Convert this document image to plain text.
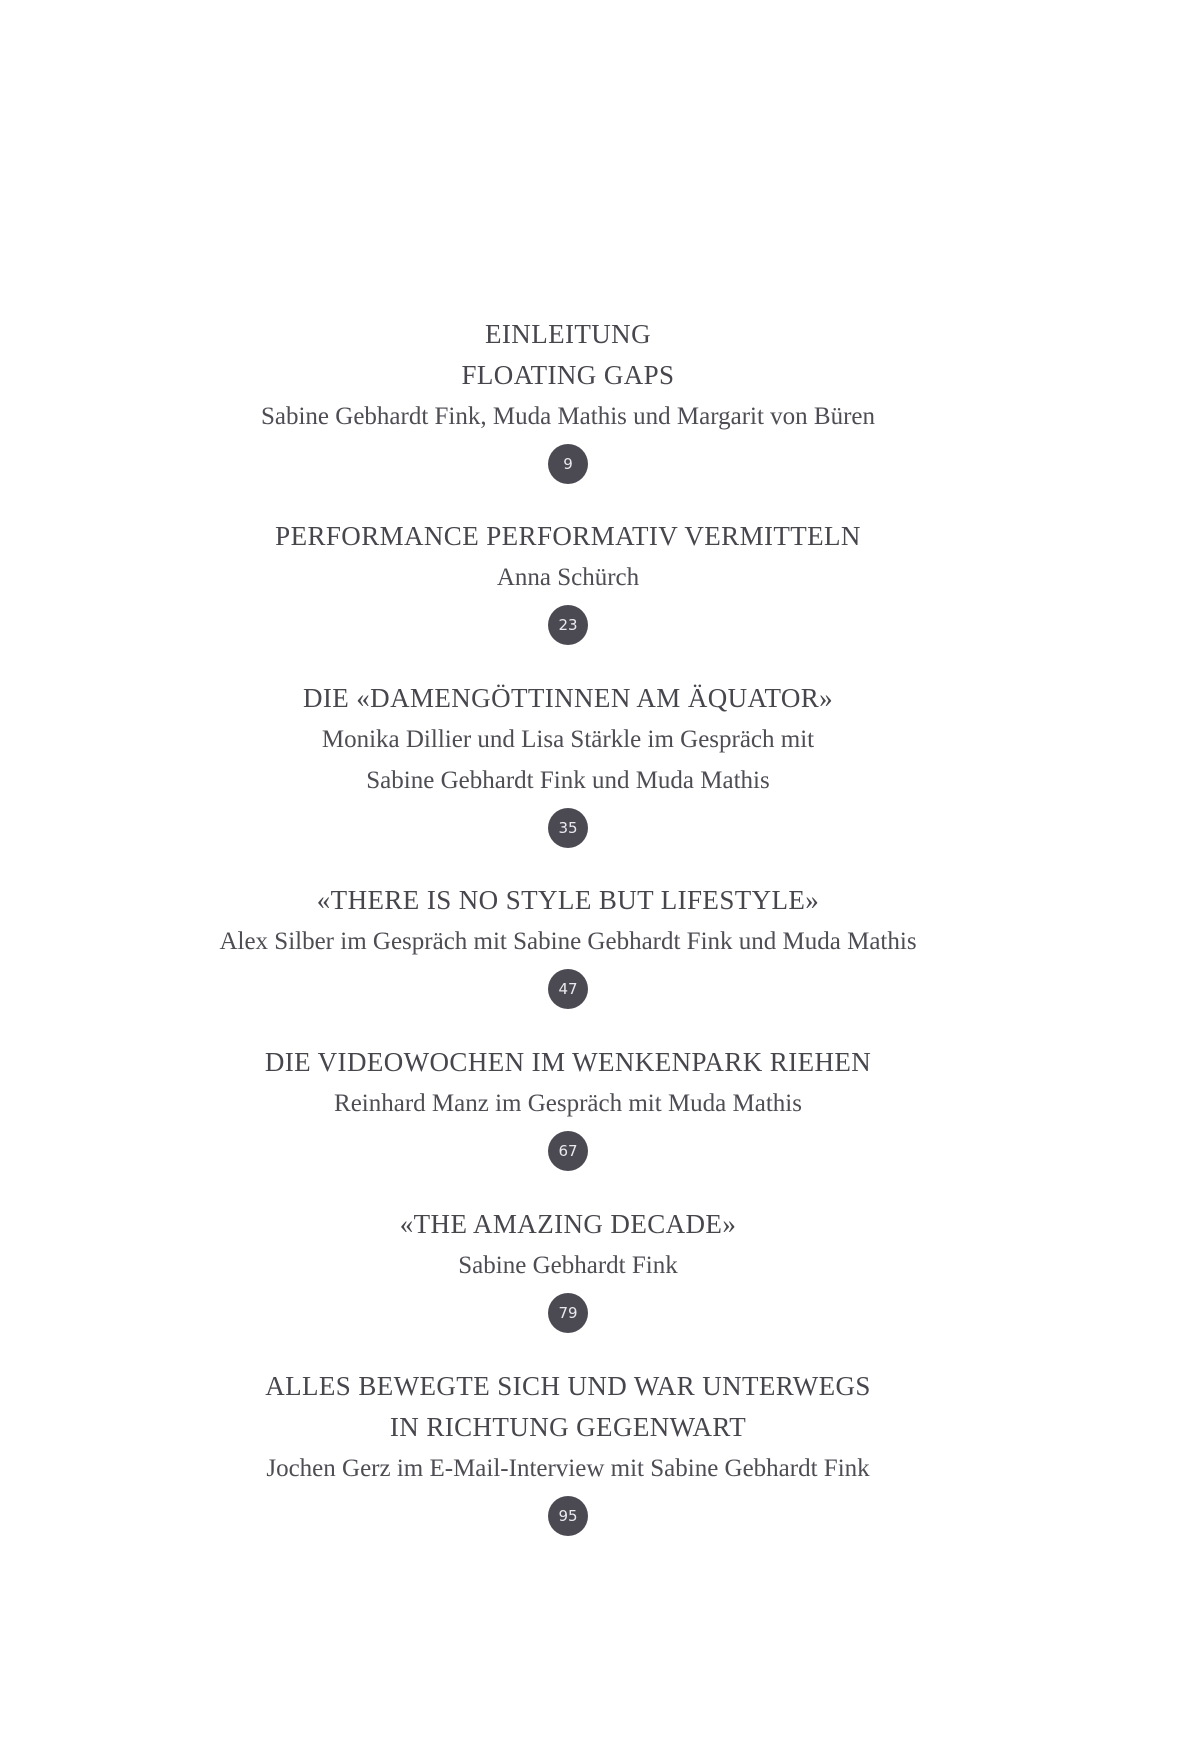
EINLEITUNG
FLOATING GAPS
Sabine Gebhardt Fink, Muda Mathis und Margarit von Büren
9
PERFORMANCE PERFORMATIV VERMITTELN
Anna Schürch
23
DIE «DAMENGÖTTINNEN AM ÄQUATOR»
Monika Dillier und Lisa Stärkle im Gespräch mit
Sabine Gebhardt Fink und Muda Mathis
35
«THERE IS NO STYLE BUT LIFESTYLE»
Alex Silber im Gespräch mit Sabine Gebhardt Fink und Muda Mathis
47
DIE VIDEOWOCHEN IM WENKENPARK RIEHEN
Reinhard Manz im Gespräch mit Muda Mathis
67
«THE AMAZING DECADE»
Sabine Gebhardt Fink
79
ALLES BEWEGTE SICH UND WAR UNTERWEGS
IN RICHTUNG GEGENWART
Jochen Gerz im E-Mail-Interview mit Sabine Gebhardt Fink
95
